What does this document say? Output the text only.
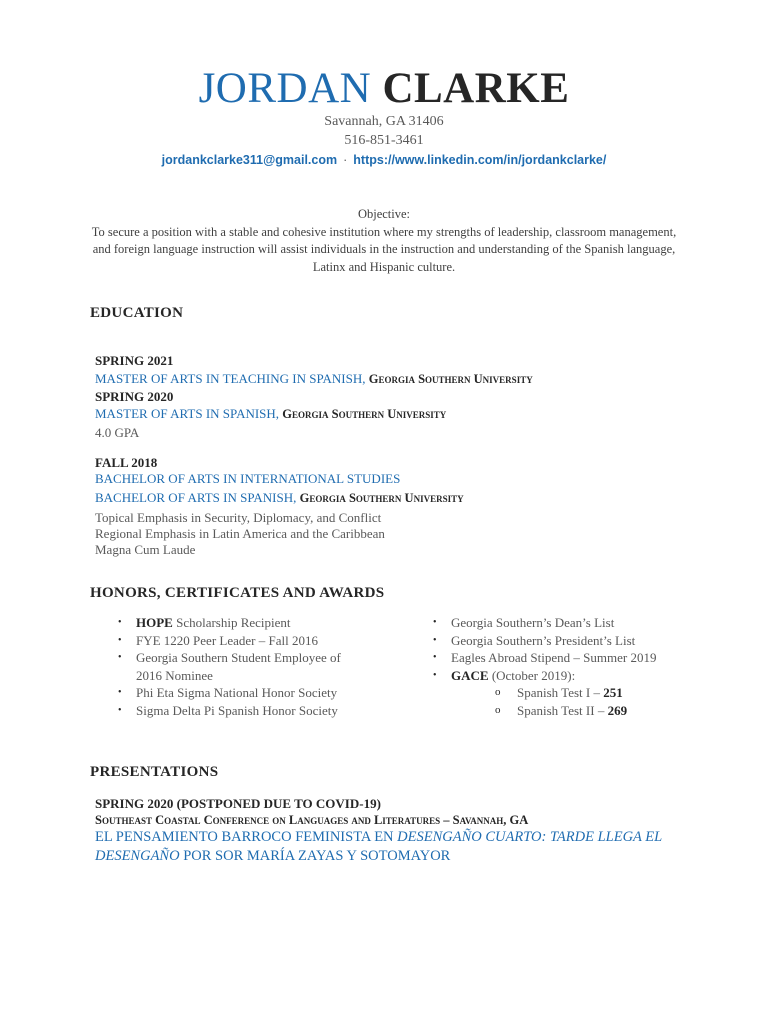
JORDAN CLARKE
Savannah, GA 31406
516-851-3461
jordankclarke311@gmail.com · https://www.linkedin.com/in/jordankclarke/
Objective:
To secure a position with a stable and cohesive institution where my strengths of leadership, classroom management, and foreign language instruction will assist individuals in the instruction and understanding of the Spanish language, Latinx and Hispanic culture.
EDUCATION
SPRING 2021
MASTER OF ARTS IN TEACHING IN SPANISH, Georgia Southern University
SPRING 2020
MASTER OF ARTS IN SPANISH, Georgia Southern University
4.0 GPA
FALL 2018
BACHELOR OF ARTS IN INTERNATIONAL STUDIES
BACHELOR OF ARTS IN SPANISH, Georgia Southern University
Topical Emphasis in Security, Diplomacy, and Conflict
Regional Emphasis in Latin America and the Caribbean
Magna Cum Laude
HONORS, CERTIFICATES AND AWARDS
• HOPE Scholarship Recipient
• FYE 1220 Peer Leader – Fall 2016
• Georgia Southern Student Employee of
2016 Nominee
• Phi Eta Sigma National Honor Society
• Sigma Delta Pi Spanish Honor Society
• Georgia Southern’s Dean’s List
• Georgia Southern’s President’s List
• Eagles Abroad Stipend – Summer 2019
• GACE (October 2019):
o Spanish Test I – 251
o Spanish Test II – 269
PRESENTATIONS
SPRING 2020 (POSTPONED DUE TO COVID-19)
Southeast Coastal Conference on Languages and Literatures – Savannah, GA
EL PENSAMIENTO BARROCO FEMINISTA EN DESENGAÑO CUARTO: TARDE LLEGA EL DESENGAÑO POR SOR MARÍA ZAYAS Y SOTOMAYOR
